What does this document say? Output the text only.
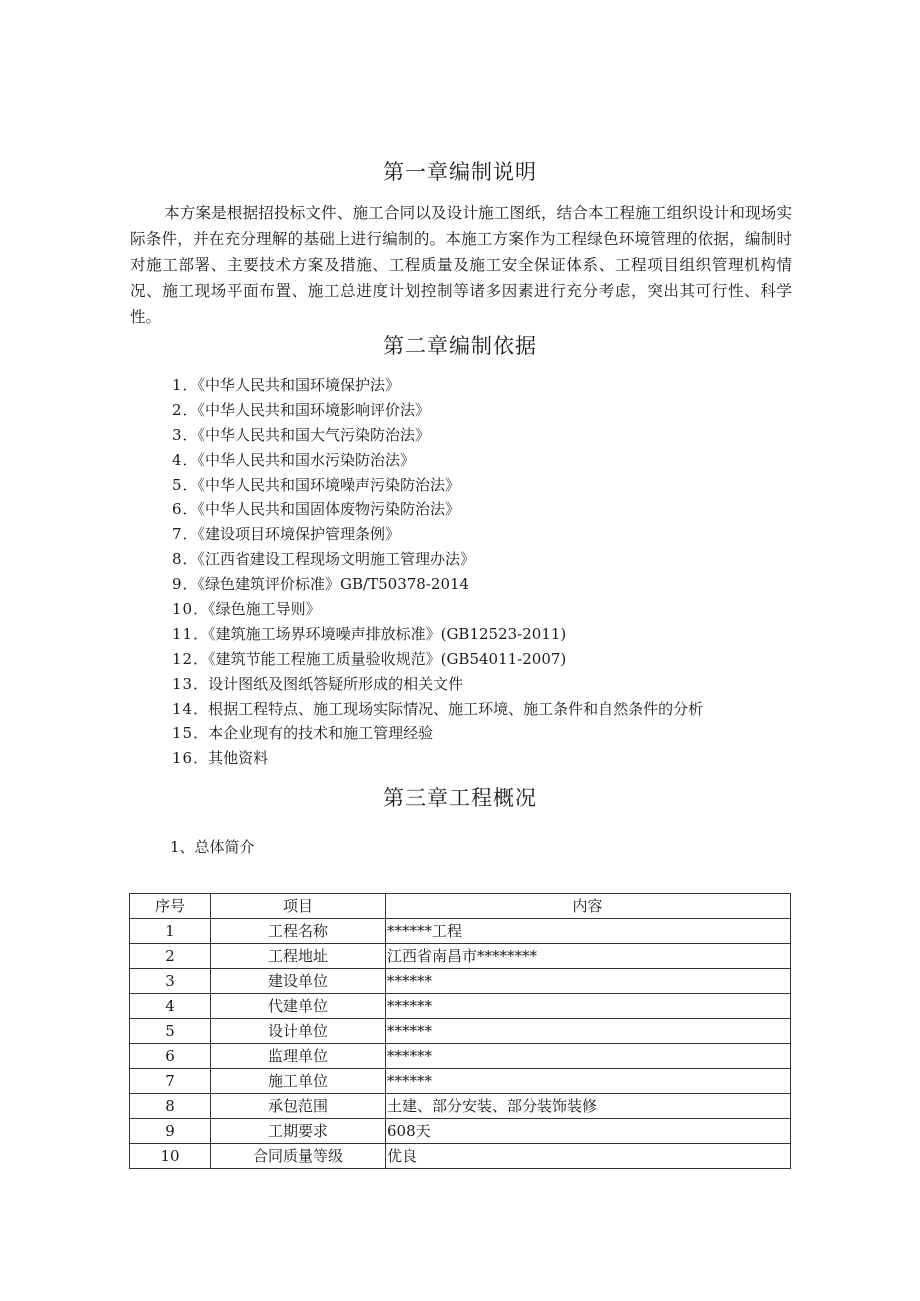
第一章编制说明

本方案是根据招投标文件、施工合同以及设计施工图纸，结合本工程施工组织设计和现场实际条件，并在充分理解的基础上进行编制的。本施工方案作为工程绿色环境管理的依据，编制时对施工部署、主要技术方案及措施、工程质量及施工安全保证体系、工程项目组织管理机构情况、施工现场平面布置、施工总进度计划控制等诸多因素进行充分考虑，突出其可行性、科学性。

第二章编制依据
1．《中华人民共和国环境保护法》
2．《中华人民共和国环境影响评价法》
3．《中华人民共和国大气污染防治法》
4．《中华人民共和国水污染防治法》
5．《中华人民共和国环境噪声污染防治法》
6．《中华人民共和国固体废物污染防治法》
7．《建设项目环境保护管理条例》
8．《江西省建设工程现场文明施工管理办法》
9．《绿色建筑评价标准》GB/T50378-2014
10．《绿色施工导则》
11．《建筑施工场界环境噪声排放标准》(GB12523-2011)
12．《建筑节能工程施工质量验收规范》(GB54011-2007)
13．设计图纸及图纸答疑所形成的相关文件
14．根据工程特点、施工现场实际情况、施工环境、施工条件和自然条件的分析
15．本企业现有的技术和施工管理经验
16．其他资料
第三章工程概况

1、总体简介

序号	项目	内容
1	工程名称	******工程
2	工程地址	江西省南昌市********
3	建设单位	******
4	代建单位	******
5	设计单位	******
6	监理单位	******
7	施工单位	******
8	承包范围	土建、部分安装、部分装饰装修
9	工期要求	608天
10	合同质量等级	优良
